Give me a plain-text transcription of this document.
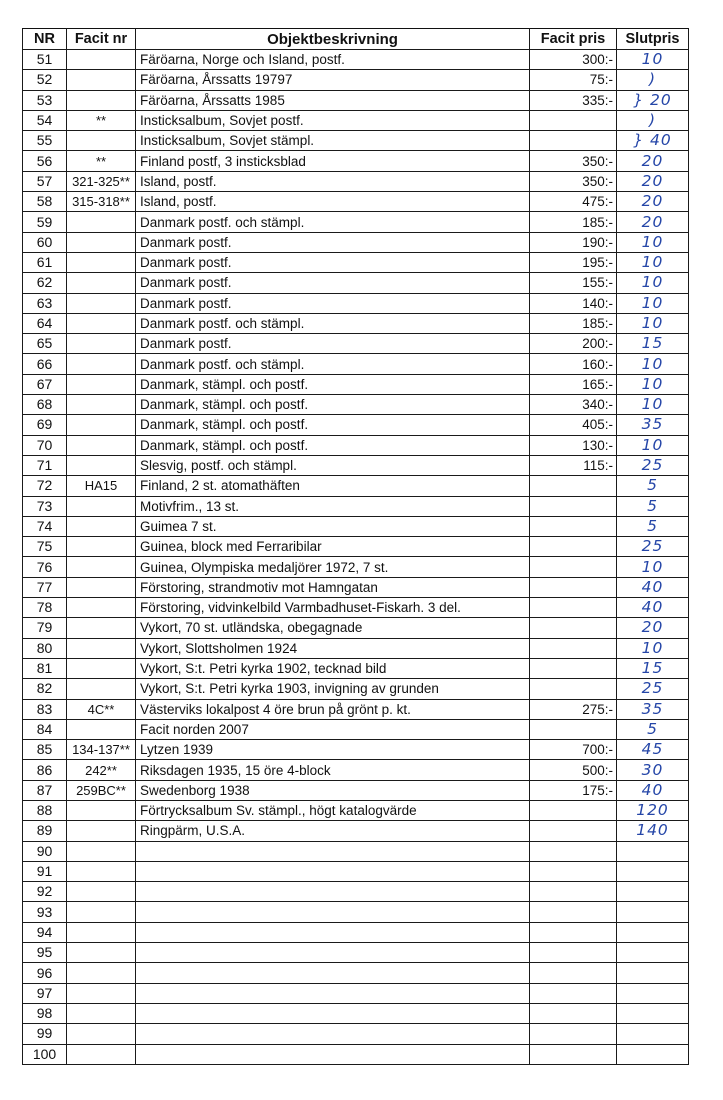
NR	Facit nr	Objektbeskrivning	Facit pris	Slutpris
51		Färöarna, Norge och Island, postf.	300:-	10
52		Färöarna, Årssatts 19797	75:-	)
53		Färöarna, Årssatts 1985	335:-	} 20
54	**	Insticksalbum, Sovjet postf.		)
55		Insticksalbum, Sovjet stämpl.		} 40
56	**	Finland postf, 3 insticksblad	350:-	20
57	321-325**	Island, postf.	350:-	20
58	315-318**	Island, postf.	475:-	20
59		Danmark postf. och stämpl.	185:-	20
60		Danmark postf.	190:-	10
61		Danmark postf.	195:-	10
62		Danmark postf.	155:-	10
63		Danmark postf.	140:-	10
64		Danmark postf. och stämpl.	185:-	10
65		Danmark postf.	200:-	15
66		Danmark postf. och stämpl.	160:-	10
67		Danmark, stämpl. och postf.	165:-	10
68		Danmark, stämpl. och postf.	340:-	10
69		Danmark, stämpl. och postf.	405:-	35
70		Danmark, stämpl. och postf.	130:-	10
71		Slesvig, postf. och stämpl.	115:-	25
72	HA15	Finland, 2 st. atomathäften		5
73		Motivfrim., 13 st.		5
74		Guimea 7 st.		5
75		Guinea, block med Ferraribilar		25
76		Guinea, Olympiska medaljörer 1972, 7 st.		10
77		Förstoring, strandmotiv mot Hamngatan		40
78		Förstoring, vidvinkelbild Varmbadhuset-Fiskarh. 3 del.		40
79		Vykort, 70 st. utländska, obegagnade		20
80		Vykort, Slottsholmen 1924		10
81		Vykort, S:t. Petri kyrka 1902, tecknad bild		15
82		Vykort, S:t. Petri kyrka 1903, invigning av grunden		25
83	4C**	Västerviks lokalpost 4 öre brun på grönt p. kt.	275:-	35
84		Facit norden 2007		5
85	134-137**	Lytzen 1939	700:-	45
86	242**	Riksdagen 1935, 15 öre 4-block	500:-	30
87	259BC**	Swedenborg 1938	175:-	40
88		Förtrycksalbum Sv. stämpl., högt katalogvärde		120
89		Ringpärm, U.S.A.		140
90				
91				
92				
93				
94				
95				
96				
97				
98				
99				
100				
